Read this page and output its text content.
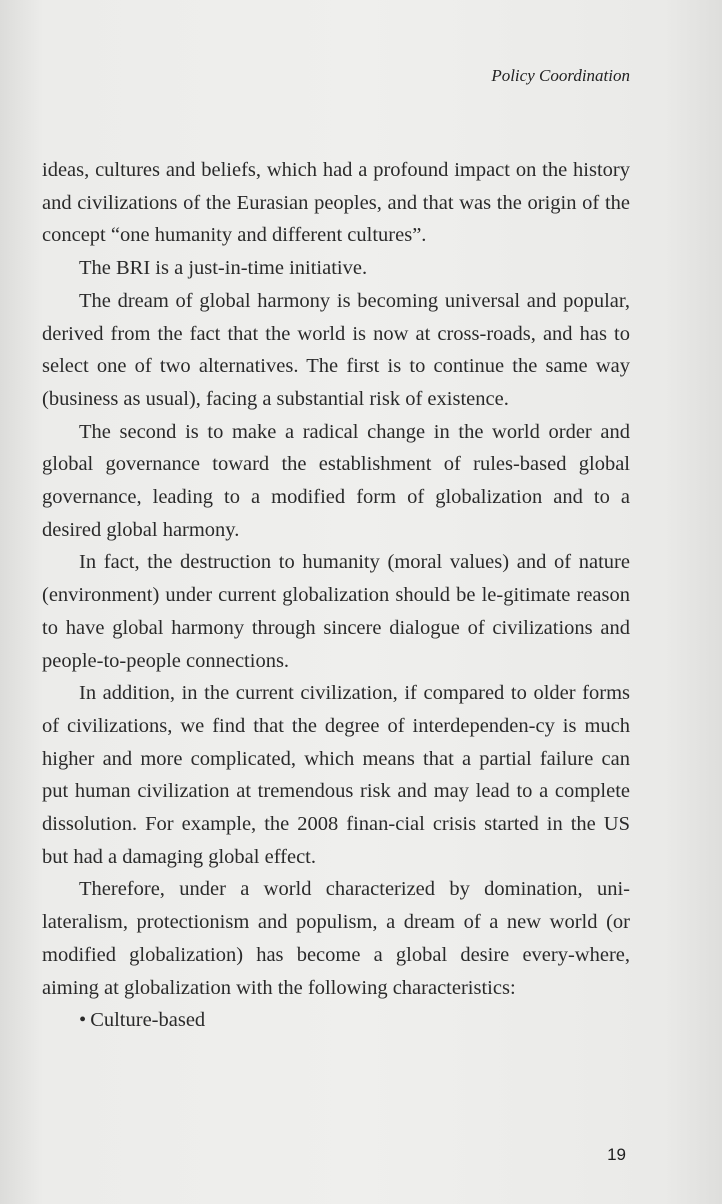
Policy Coordination

ideas, cultures and beliefs, which had a profound impact on the history and civilizations of the Eurasian peoples, and that was the origin of the concept “one humanity and different cultures”.

The BRI is a just-in-time initiative.

The dream of global harmony is becoming universal and popular, derived from the fact that the world is now at cross-roads, and has to select one of two alternatives. The first is to continue the same way (business as usual), facing a substantial risk of existence.

The second is to make a radical change in the world order and global governance toward the establishment of rules-based global governance, leading to a modified form of globalization and to a desired global harmony.

In fact, the destruction to humanity (moral values) and of nature (environment) under current globalization should be le-gitimate reason to have global harmony through sincere dialogue of civilizations and people-to-people connections.

In addition, in the current civilization, if compared to older forms of civilizations, we find that the degree of interdependen-cy is much higher and more complicated, which means that a partial failure can put human civilization at tremendous risk and may lead to a complete dissolution. For example, the 2008 finan-cial crisis started in the US but had a damaging global effect.

Therefore, under a world characterized by domination, uni-lateralism, protectionism and populism, a dream of a new world (or modified globalization) has become a global desire every-where, aiming at globalization with the following characteristics:

• Culture-based
19
